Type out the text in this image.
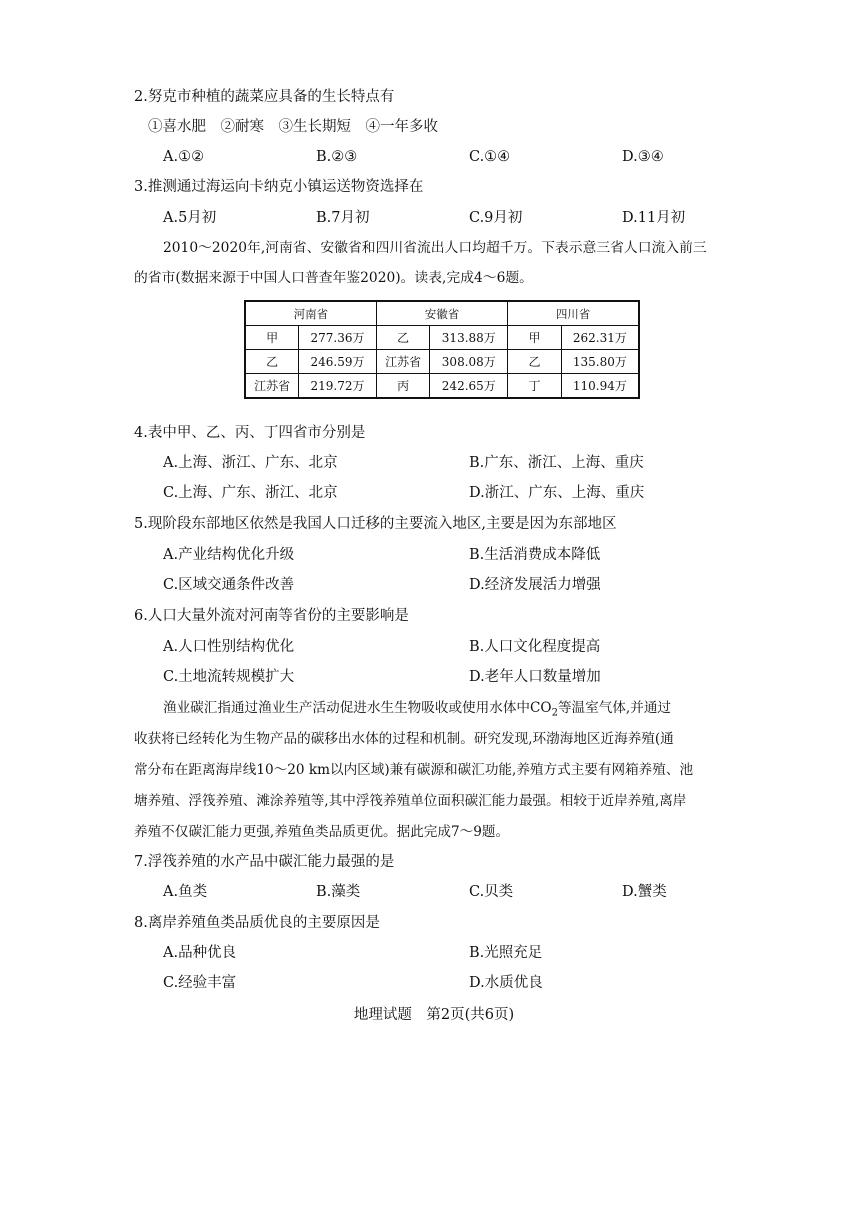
2.努克市种植的蔬菜应具备的生长特点有
①喜水肥　②耐寒　③生长期短　④一年多收
A.①②	B.②③	C.①④	D.③④
3.推测通过海运向卡纳克小镇运送物资选择在
A.5月初	B.7月初	C.9月初	D.11月初
2010～2020年,河南省、安徽省和四川省流出人口均超千万。下表示意三省人口流入前三
的省市(数据来源于中国人口普查年鉴2020)。读表,完成4～6题。
河南省		安徽省		四川省	
甲	277.36万	乙	313.88万	甲	262.31万
乙	246.59万	江苏省	308.08万	乙	135.80万
江苏省	219.72万	丙	242.65万	丁	110.94万
4.表中甲、乙、丙、丁四省市分别是
A.上海、浙江、广东、北京	B.广东、浙江、上海、重庆
C.上海、广东、浙江、北京	D.浙江、广东、上海、重庆
5.现阶段东部地区依然是我国人口迁移的主要流入地区,主要是因为东部地区
A.产业结构优化升级	B.生活消费成本降低
C.区域交通条件改善	D.经济发展活力增强
6.人口大量外流对河南等省份的主要影响是
A.人口性别结构优化	B.人口文化程度提高
C.土地流转规模扩大	D.老年人口数量增加
渔业碳汇指通过渔业生产活动促进水生生物吸收或使用水体中$CO_2$等温室气体,并通过
收获将已经转化为生物产品的碳移出水体的过程和机制。研究发现,环渤海地区近海养殖(通
常分布在距离海岸线10～20 km以内区域)兼有碳源和碳汇功能,养殖方式主要有网箱养殖、池
塘养殖、浮筏养殖、滩涂养殖等,其中浮筏养殖单位面积碳汇能力最强。相较于近岸养殖,离岸
养殖不仅碳汇能力更强,养殖鱼类品质更优。据此完成7～9题。
7.浮筏养殖的水产品中碳汇能力最强的是
A.鱼类	B.藻类	C.贝类	D.蟹类
8.离岸养殖鱼类品质优良的主要原因是
A.品种优良	B.光照充足
C.经验丰富	D.水质优良
地理试题　第2页(共6页)
